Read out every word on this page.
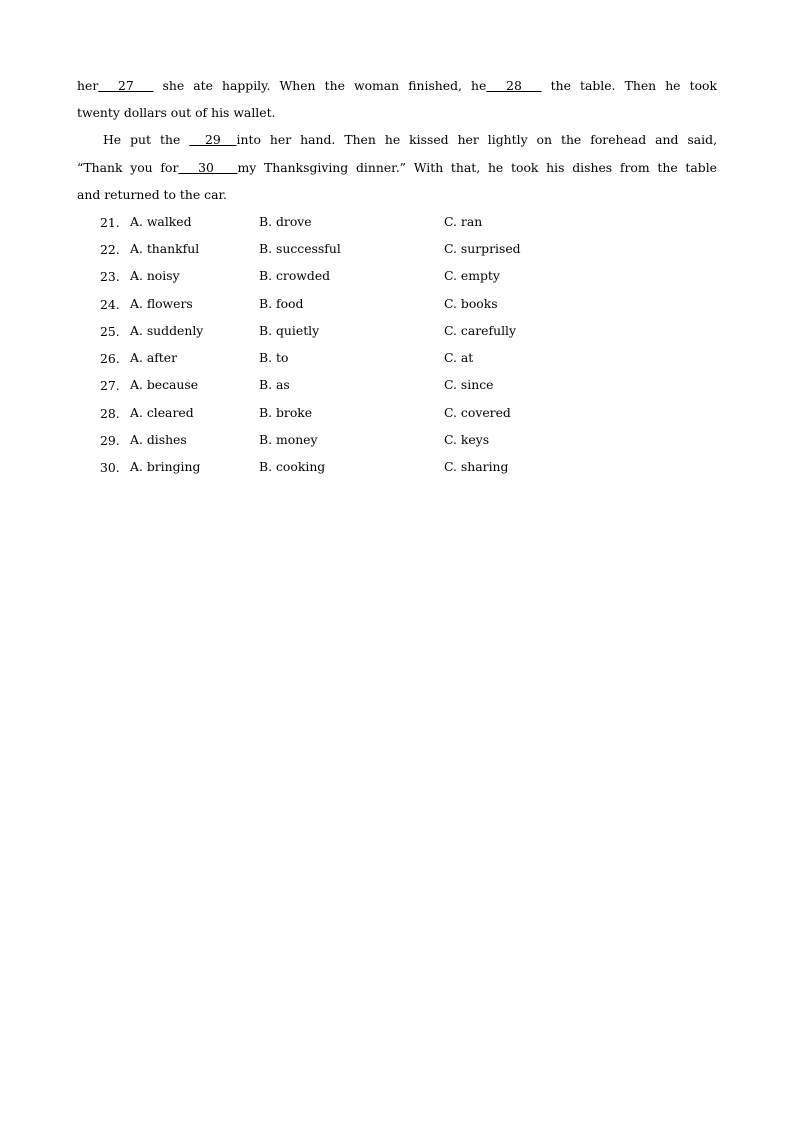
her     27      she ate happily. When the woman finished, he     28      the table. Then he took
twenty dollars out of his wallet.
He put the     29    into her hand. Then he kissed her lightly on the forehead and said,
“Thank you for     30      my Thanksgiving dinner.” With that, he took his dishes from the table
and returned to the car.
21. A. walked	B. drove	C. ran
22. A. thankful	B. successful	C. surprised
23. A. noisy	B. crowded	C. empty
24. A. flowers	B. food	C. books
25. A. suddenly	B. quietly	C. carefully
26. A. after	B. to	C. at
27. A. because	B. as	C. since
28. A. cleared	B. broke	C. covered
29. A. dishes	B. money	C. keys
30. A. bringing	B. cooking	C. sharing
